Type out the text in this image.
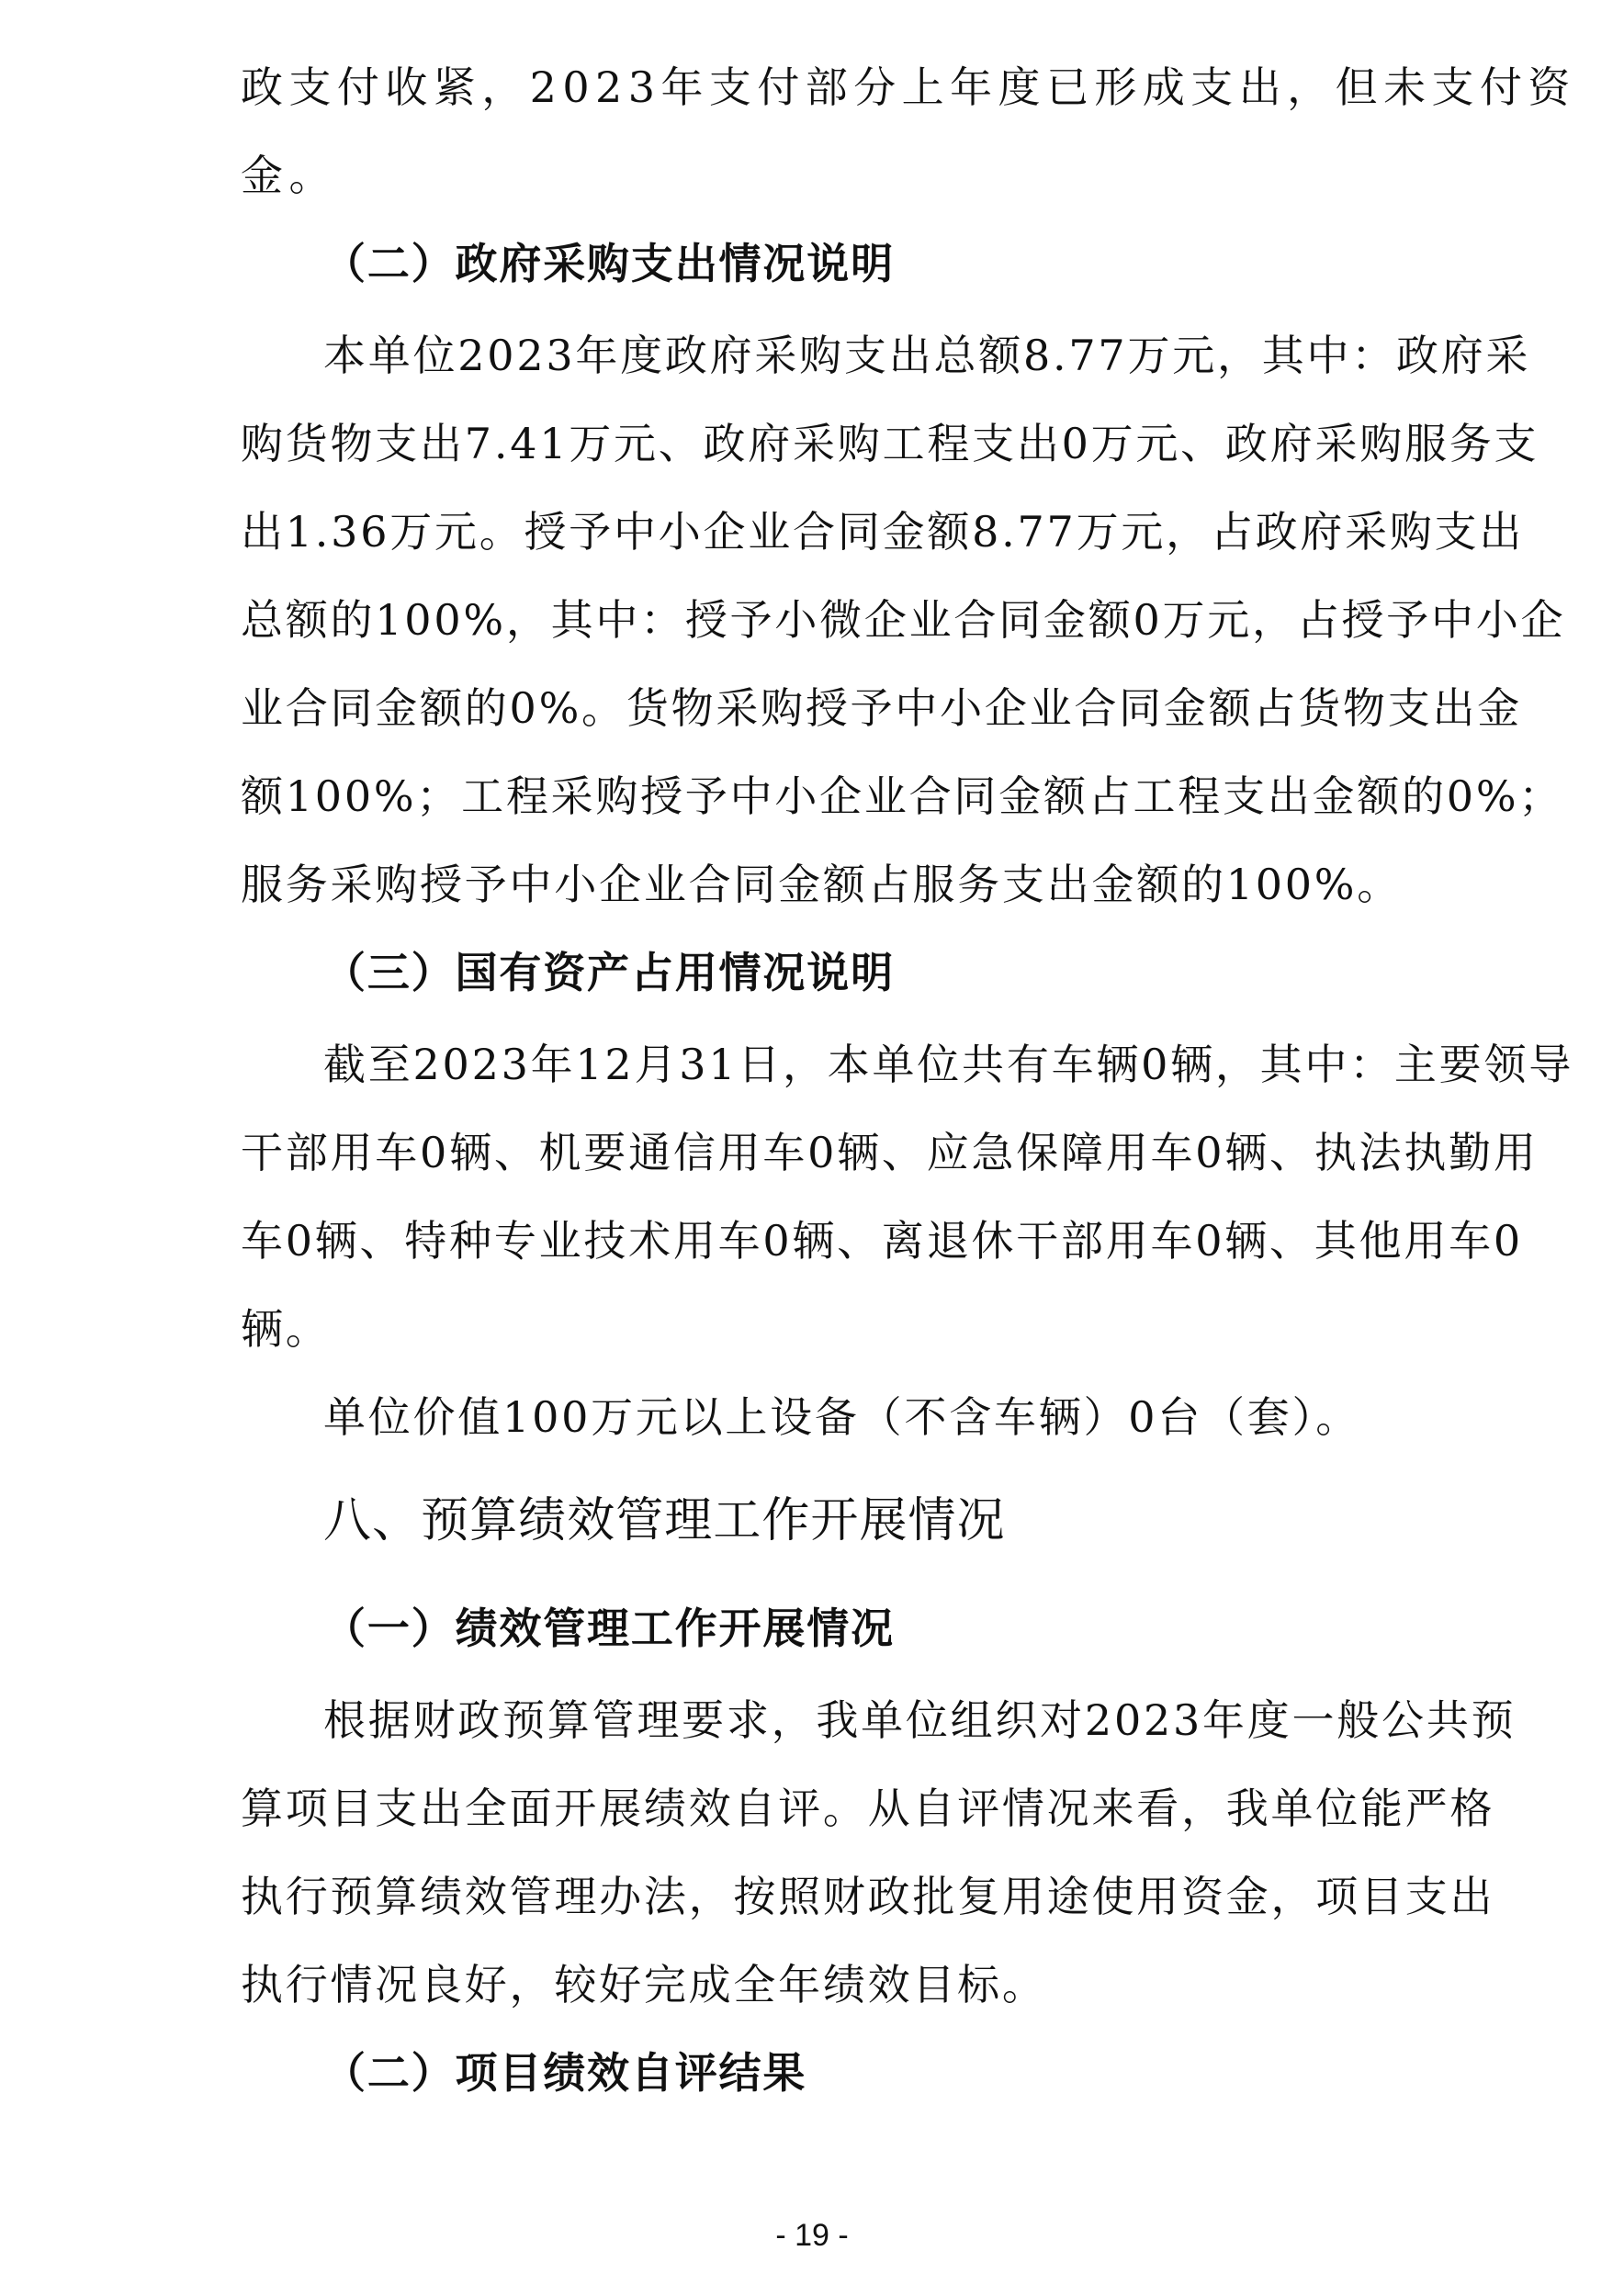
政支付收紧，2023年支付部分上年度已形成支出，但未支付资

金。

（二）政府采购支出情况说明

本单位2023年度政府采购支出总额8.77万元，其中：政府采

购货物支出7.41万元、政府采购工程支出0万元、政府采购服务支

出1.36万元。授予中小企业合同金额8.77万元，占政府采购支出

总额的100%，其中：授予小微企业合同金额0万元，占授予中小企

业合同金额的0%。货物采购授予中小企业合同金额占货物支出金

额100%；工程采购授予中小企业合同金额占工程支出金额的0%；

服务采购授予中小企业合同金额占服务支出金额的100%。

（三）国有资产占用情况说明

截至2023年12月31日，本单位共有车辆0辆，其中：主要领导

干部用车0辆、机要通信用车0辆、应急保障用车0辆、执法执勤用

车0辆、特种专业技术用车0辆、离退休干部用车0辆、其他用车0

辆。

单位价值100万元以上设备（不含车辆）0台（套）。

八、预算绩效管理工作开展情况

（一）绩效管理工作开展情况

根据财政预算管理要求，我单位组织对2023年度一般公共预

算项目支出全面开展绩效自评。从自评情况来看，我单位能严格

执行预算绩效管理办法，按照财政批复用途使用资金，项目支出

- 19 -

执行情况良好，较好完成全年绩效目标。

（二）项目绩效自评结果
